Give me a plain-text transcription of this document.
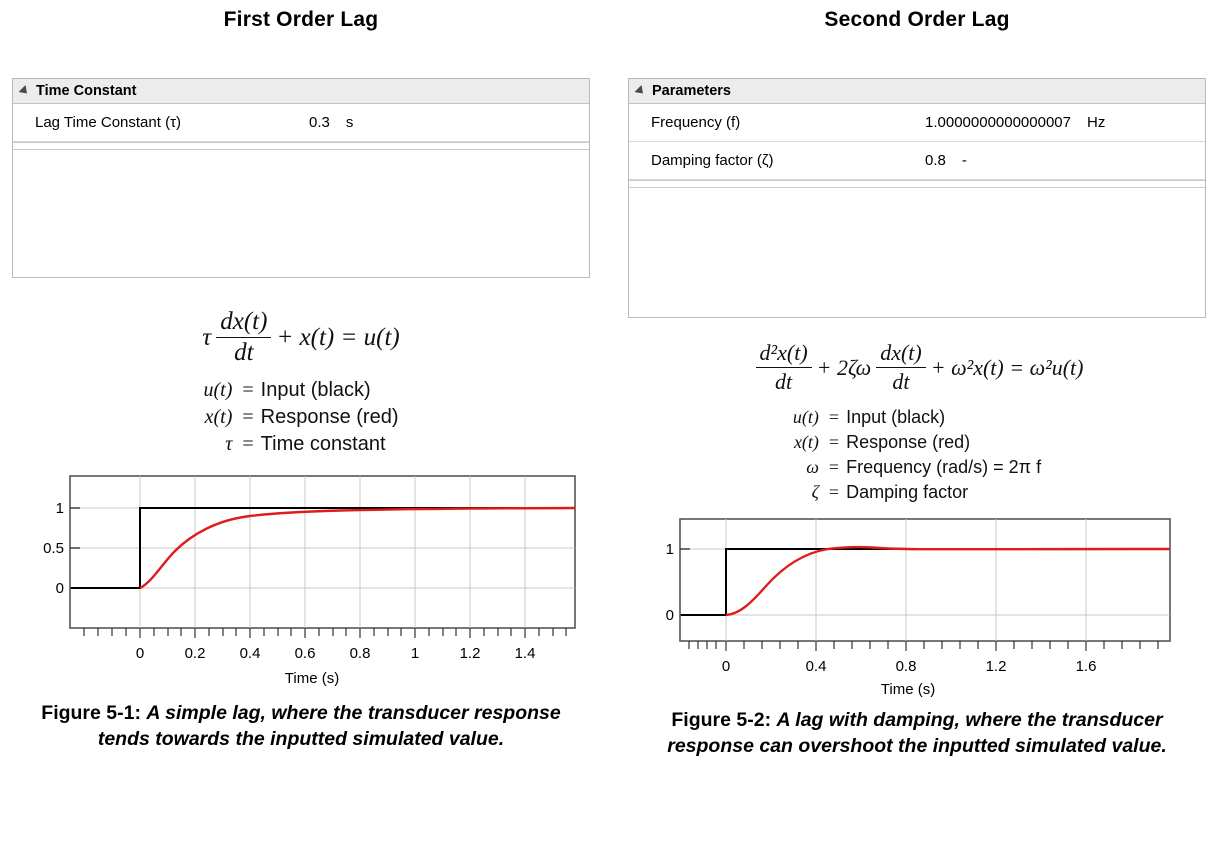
First Order Lag
Time Constant
Lag Time Constant (τ)	0.3 s
τ $\frac{dx(t)}{dt} + x(t) = u(t)$
u(t)	=	Input (black)
x(t)	=	Response (red)
τ	=	Time constant
1
0.5
0
0	0.2 0.4 0.6 0.8	1	1.2 1.4
Time (s)
Figure 5-1: A simple lag, where the transducer response tends towards the inputted simulated value.
Second Order Lag
Parameters
Frequency (f)	1.0000000000000007 Hz
Damping factor (ζ)	0.8 -
$\frac{\text{d²x(t)}}{dt} + 2\zeta\omega \frac{dx(t)}{dt} + \omega^2x(t) = \omega^2u(t)$
u(t)	=	Input (black)
x(t)	=	Response (red)
ω	=	Frequency (rad/s) = 2π f
ζ	=	Damping factor
1
0
0	0.4	0.8	1.2	1.6
Time (s)
Figure 5-2: A lag with damping, where the transducer response can overshoot the inputted simulated value.
